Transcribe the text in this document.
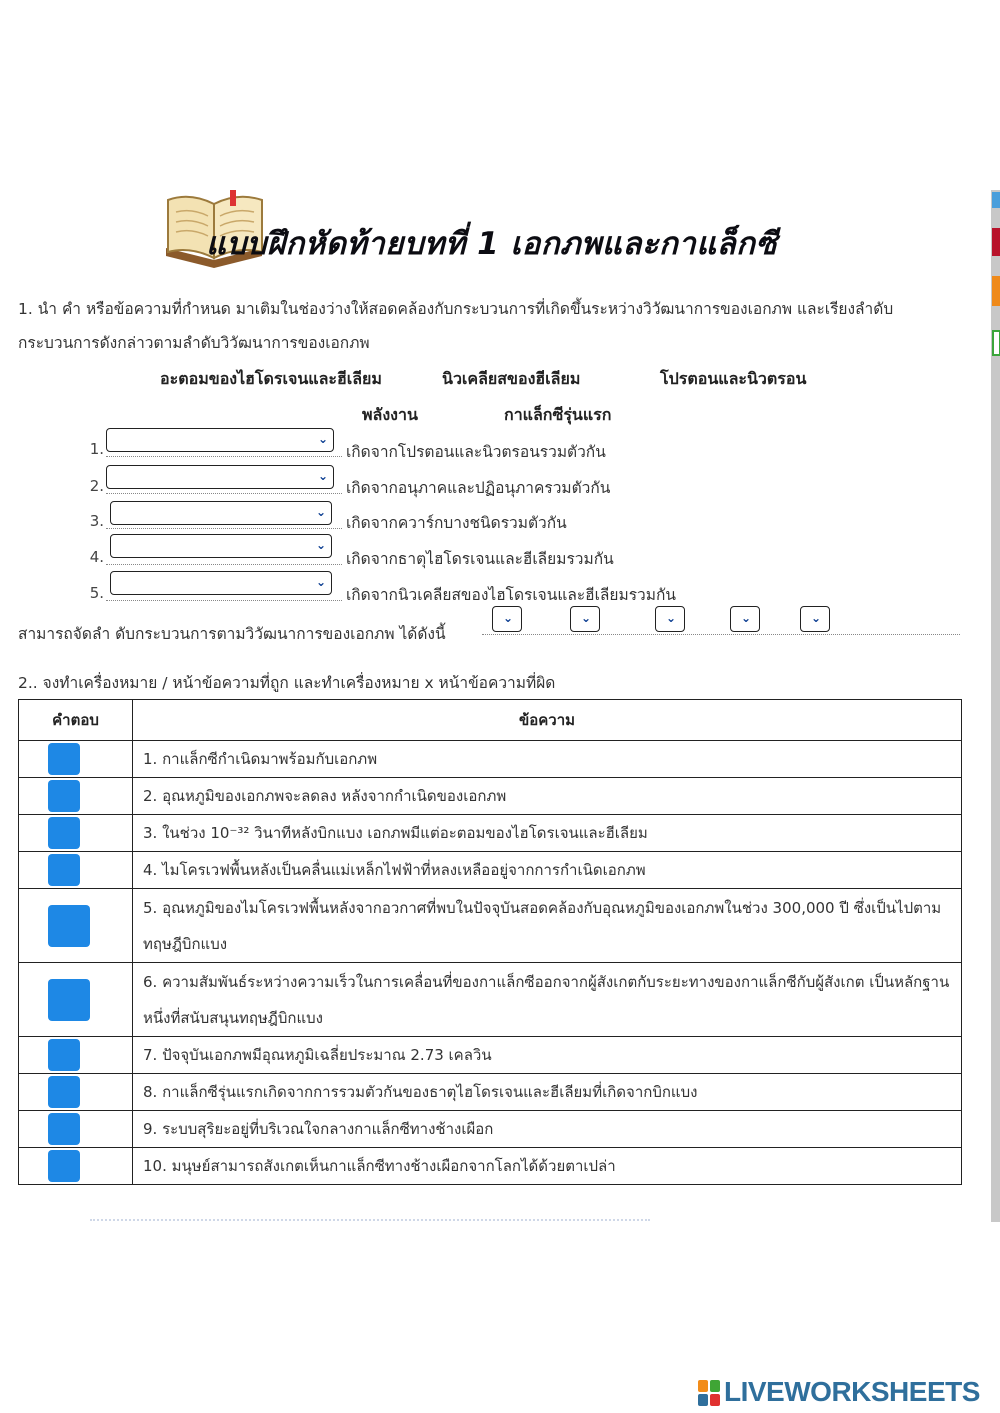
แบบฝึกหัดท้ายบทที่ 1 เอกภพและกาแล็กซี
1. นำ คำ หรือข้อความที่กำหนด มาเติมในช่องว่างให้สอดคล้องกับกระบวนการที่เกิดขึ้นระหว่างวิวัฒนาการของเอกภพ และเรียงลำดับกระบวนการดังกล่าวตามลำดับวิวัฒนาการของเอกภพ
อะตอมของไฮโดรเจนและฮีเลียม	นิวเคลียสของฮีเลียม	โปรตอนและนิวตรอน
พลังงาน	กาแล็กซีรุ่นแรก
1.
⌄
เกิดจากโปรตอนและนิวตรอนรวมตัวกัน
2.
⌄
เกิดจากอนุภาคและปฏิอนุภาครวมตัวกัน
3.	⌄
เกิดจากควาร์กบางชนิดรวมตัวกัน
4.
⌄
เกิดจากธาตุไฮโดรเจนและฮีเลียมรวมกัน
5.
⌄
เกิดจากนิวเคลียสของไฮโดรเจนและฮีเลียมรวมกัน
สามารถจัดลำ ดับกระบวนการตามวิวัฒนาการของเอกภพ ได้ดังนี้
⌄	⌄	⌄	⌄	⌄
2.. จงทำเครื่องหมาย / หน้าข้อความที่ถูก และทำเครื่องหมาย x หน้าข้อความที่ผิด
คำตอบ	ข้อความ

	1. กาแล็กซีกำเนิดมาพร้อมกับเอกภพ

	2. อุณหภูมิของเอกภพจะลดลง หลังจากกำเนิดของเอกภพ

	3. ในช่วง 10⁻³² วินาทีหลังบิกแบง เอกภพมีแต่อะตอมของไฮโดรเจนและฮีเลียม

	4. ไมโครเวฟพื้นหลังเป็นคลื่นแม่เหล็กไฟฟ้าที่หลงเหลืออยู่จากการกำเนิดเอกภพ

	5. อุณหภูมิของไมโครเวฟพื้นหลังจากอวกาศที่พบในปัจจุบันสอดคล้องกับอุณหภูมิของเอกภพในช่วง 300,000 ปี ซึ่งเป็นไปตามทฤษฎีบิกแบง

	6. ความสัมพันธ์ระหว่างความเร็วในการเคลื่อนที่ของกาแล็กซีออกจากผู้สังเกตกับระยะทางของกาแล็กซีกับผู้สังเกต เป็นหลักฐานหนึ่งที่สนับสนุนทฤษฎีบิกแบง

	7. ปัจจุบันเอกภพมีอุณหภูมิเฉลี่ยประมาณ 2.73 เคลวิน

	8. กาแล็กซีรุ่นแรกเกิดจากการรวมตัวกันของธาตุไฮโดรเจนและฮีเลียมที่เกิดจากบิกแบง

	9. ระบบสุริยะอยู่ที่บริเวณใจกลางกาแล็กซีทางช้างเผือก

	10. มนุษย์สามารถสังเกตเห็นกาแล็กซีทางช้างเผือกจากโลกได้ด้วยตาเปล่า
LIVEWORKSHEETS
